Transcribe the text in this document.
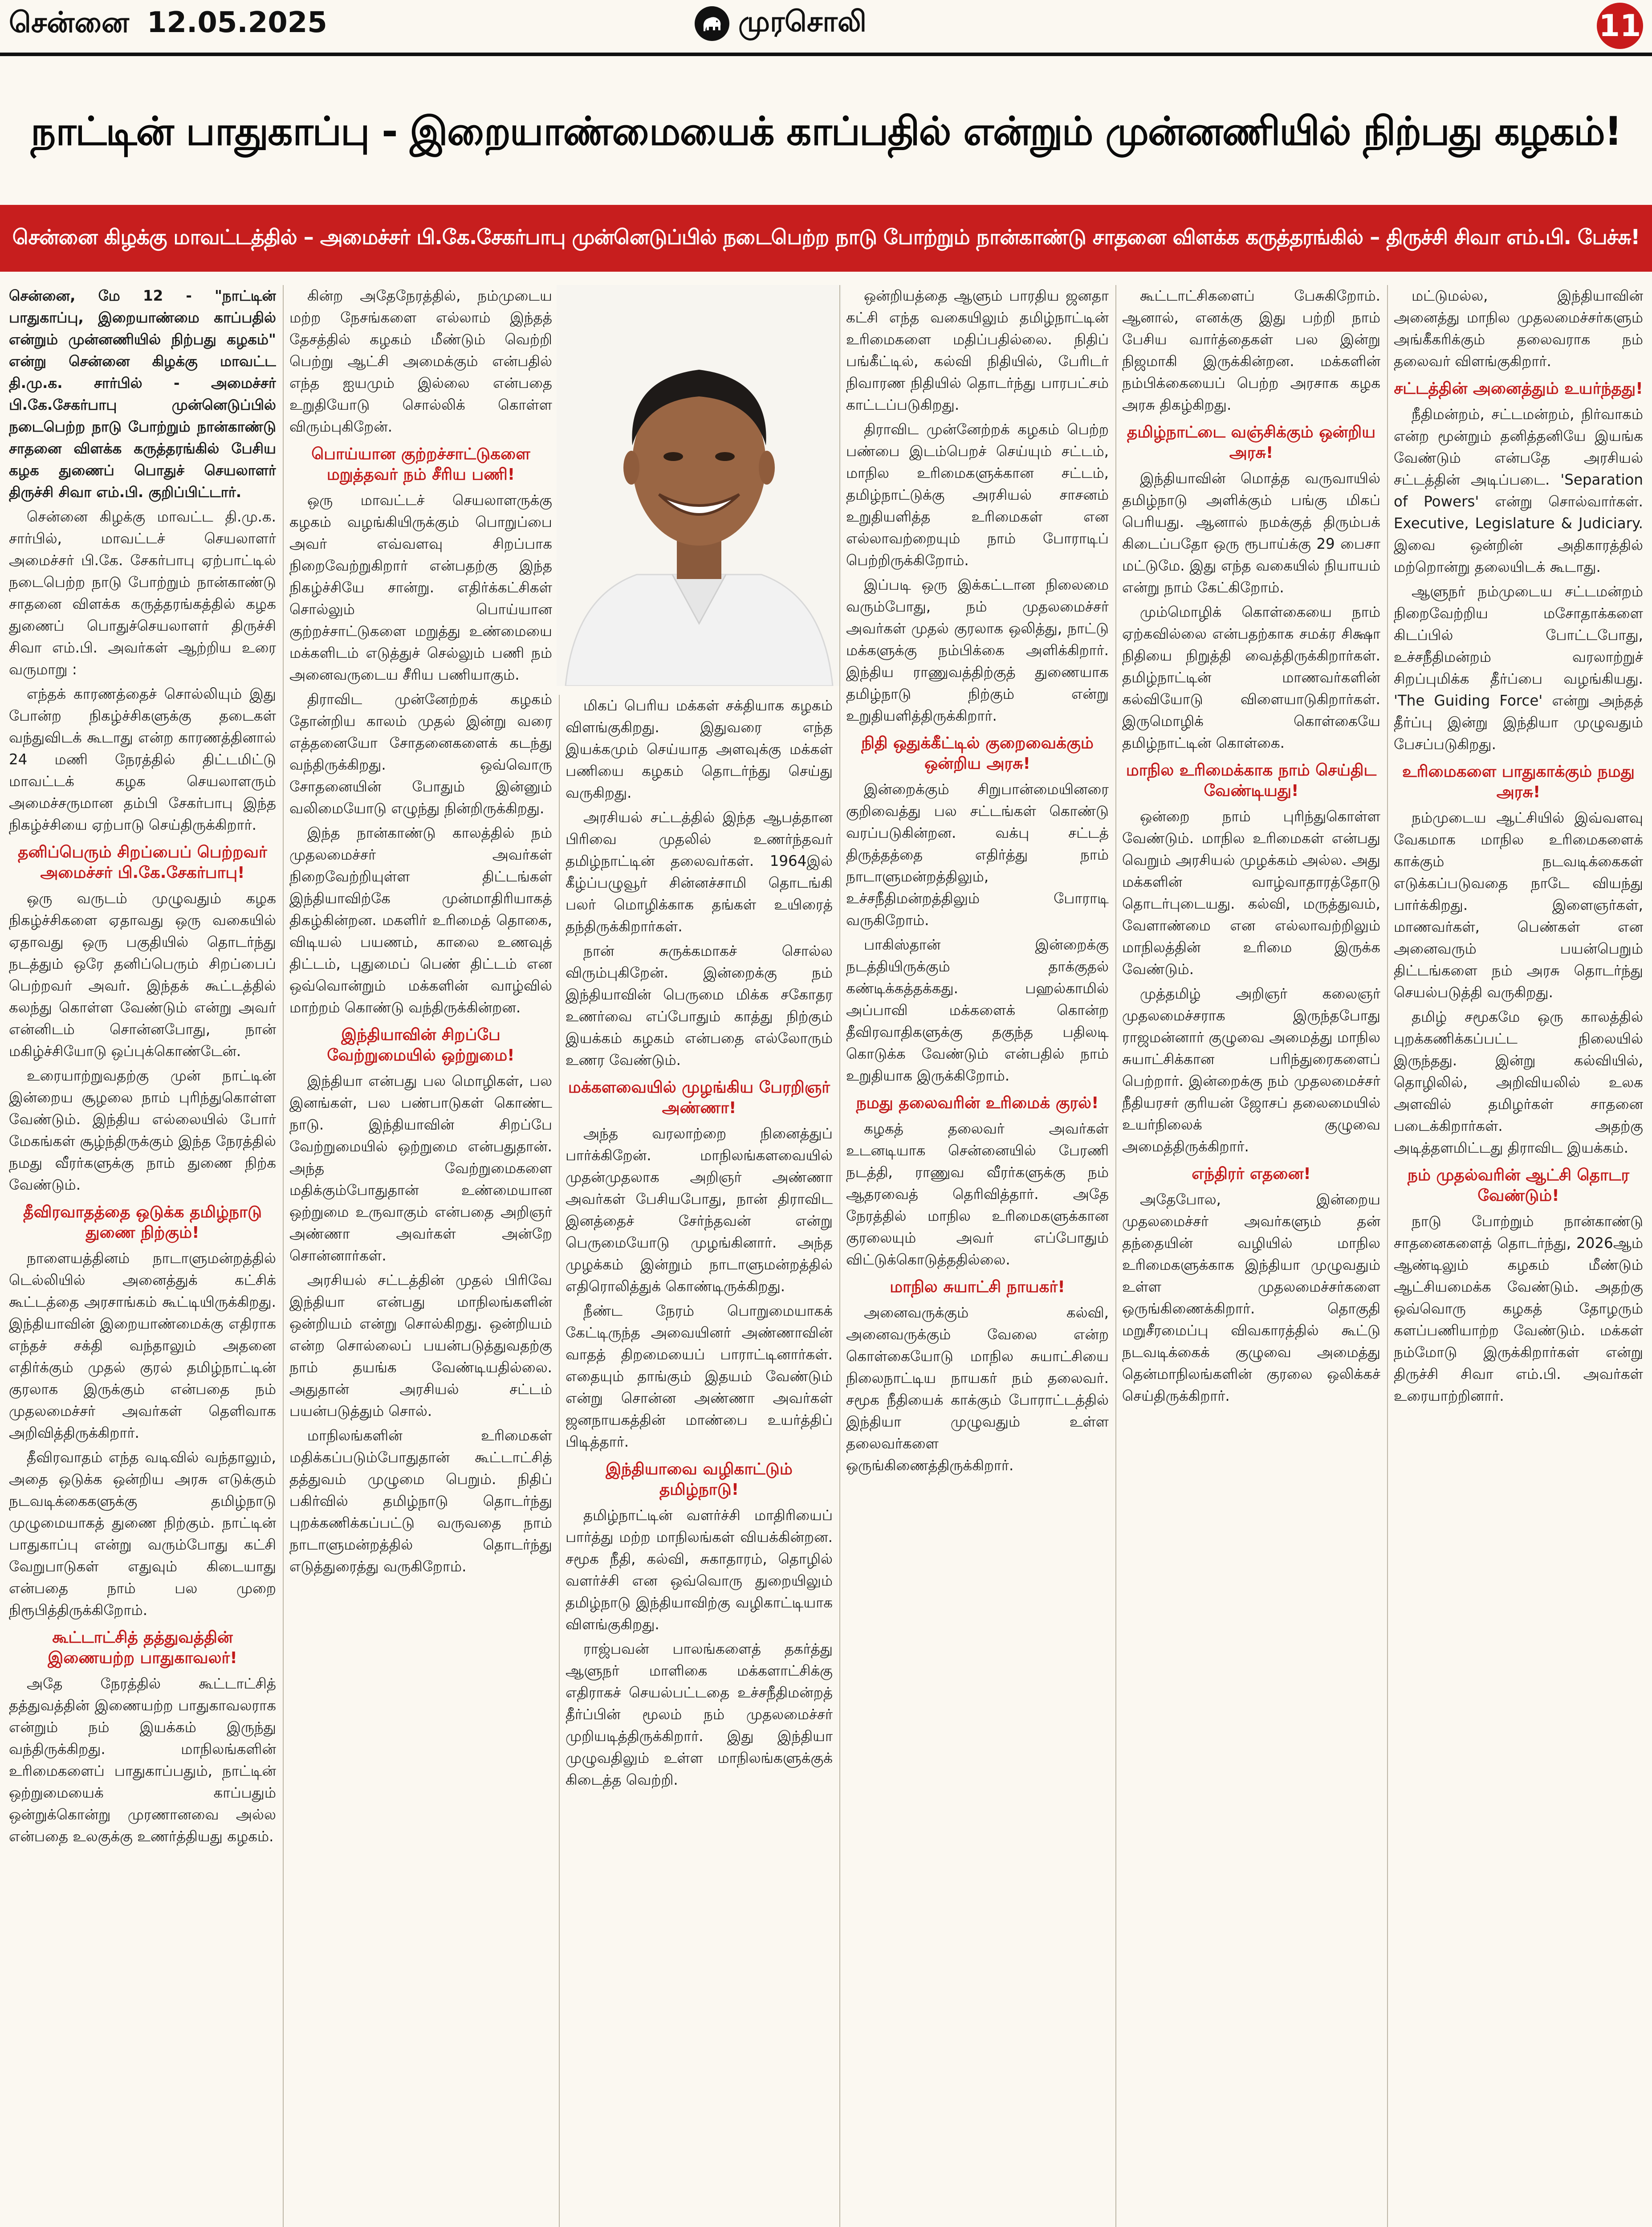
சென்னை 12.05.2025	முரசொலி	11
நாட்டின் பாதுகாப்பு - இறையாண்மையைக் காப்பதில் என்றும் முன்னணியில் நிற்பது கழகம்!
சென்னை கிழக்கு மாவட்டத்தில் – அமைச்சர் பி.கே.சேகர்பாபு முன்னெடுப்பில் நடைபெற்ற நாடு போற்றும் நான்காண்டு சாதனை விளக்க கருத்தரங்கில் – திருச்சி சிவா எம்.பி. பேச்சு!

சென்னை, மே 12 - "நாட்டின் பாதுகாப்பு, இறையாண்மை காப்பதில் என்றும் முன்னணியில் நிற்பது கழகம்" என்று சென்னை கிழக்கு மாவட்ட தி.மு.க. சார்பில் - அமைச்சர் பி.கே.சேகர்பாபு முன்னெடுப்பில் நடைபெற்ற நாடு போற்றும் நான்காண்டு சாதனை விளக்க கருத்தரங்கில் பேசிய கழக துணைப் பொதுச் செயலாளர் திருச்சி சிவா எம்.பி. குறிப்பிட்டார்.

சென்னை கிழக்கு மாவட்ட தி.மு.க. சார்பில், மாவட்டச் செயலாளர் அமைச்சர் பி.கே. சேகர்பாபு ஏற்பாட்டில் நடைபெற்ற நாடு போற்றும் நான்காண்டு சாதனை விளக்க கருத்தரங்கத்தில் கழக துணைப் பொதுச்செயலாளர் திருச்சி சிவா எம்.பி. அவர்கள் ஆற்றிய உரை வருமாறு :

எந்தக் காரணத்தைச் சொல்லியும் இது போன்ற நிகழ்ச்சிகளுக்கு தடைகள் வந்துவிடக் கூடாது என்ற காரணத்தினால் 24 மணி நேரத்தில் திட்டமிட்டு மாவட்டக் கழக செயலாளரும் அமைச்சருமான தம்பி சேகர்பாபு இந்த நிகழ்ச்சியை ஏற்பாடு செய்திருக்கிறார்.

தனிப்பெரும் சிறப்பைப் பெற்றவர் அமைச்சர் பி.கே.சேகர்பாபு!

ஒரு வருடம் முழுவதும் கழக நிகழ்ச்சிகளை ஏதாவது ஒரு வகையில் ஏதாவது ஒரு பகுதியில் தொடர்ந்து நடத்தும் ஒரே தனிப்பெரும் சிறப்பைப் பெற்றவர் அவர். இந்தக் கூட்டத்தில் கலந்து கொள்ள வேண்டும் என்று அவர் என்னிடம் சொன்னபோது, நான் மகிழ்ச்சியோடு ஒப்புக்கொண்டேன்.

உரையாற்றுவதற்கு முன் நாட்டின் இன்றைய சூழலை நாம் புரிந்துகொள்ள வேண்டும். இந்திய எல்லையில் போர் மேகங்கள் சூழ்ந்திருக்கும் இந்த நேரத்தில் நமது வீரர்களுக்கு நாம் துணை நிற்க வேண்டும்.

தீவிரவாதத்தை ஒடுக்க தமிழ்நாடு துணை நிற்கும்!

நாளையத்தினம் நாடாளுமன்றத்தில் டெல்லியில் அனைத்துக் கட்சிக் கூட்டத்தை அரசாங்கம் கூட்டியிருக்கிறது. இந்தியாவின் இறையாண்மைக்கு எதிராக எந்தச் சக்தி வந்தாலும் அதனை எதிர்க்கும் முதல் குரல் தமிழ்நாட்டின் குரலாக இருக்கும் என்பதை நம் முதலமைச்சர் அவர்கள் தெளிவாக அறிவித்திருக்கிறார்.

தீவிரவாதம் எந்த வடிவில் வந்தாலும், அதை ஒடுக்க ஒன்றிய அரசு எடுக்கும் நடவடிக்கைகளுக்கு தமிழ்நாடு முழுமையாகத் துணை நிற்கும். நாட்டின் பாதுகாப்பு என்று வரும்போது கட்சி வேறுபாடுகள் எதுவும் கிடையாது என்பதை நாம் பல முறை நிரூபித்திருக்கிறோம்.

கூட்டாட்சித் தத்துவத்தின் இணையற்ற பாதுகாவலர்!

அதே நேரத்தில் கூட்டாட்சித் தத்துவத்தின் இணையற்ற பாதுகாவலராக என்றும் நம் இயக்கம் இருந்து வந்திருக்கிறது. மாநிலங்களின் உரிமைகளைப் பாதுகாப்பதும், நாட்டின் ஒற்றுமையைக் காப்பதும் ஒன்றுக்கொன்று முரணானவை அல்ல என்பதை உலகுக்கு உணர்த்தியது கழகம்.

கின்ற அதேநேரத்தில், நம்முடைய மற்ற நேசங்களை எல்லாம் இந்தத் தேசத்தில் கழகம் மீண்டும் வெற்றி பெற்று ஆட்சி அமைக்கும் என்பதில் எந்த ஐயமும் இல்லை என்பதை உறுதியோடு சொல்லிக் கொள்ள விரும்புகிறேன்.

பொய்யான குற்றச்சாட்டுகளை மறுத்தவர் நம் சீரிய பணி!

ஒரு மாவட்டச் செயலாளருக்கு கழகம் வழங்கியிருக்கும் பொறுப்பை அவர் எவ்வளவு சிறப்பாக நிறைவேற்றுகிறார் என்பதற்கு இந்த நிகழ்ச்சியே சான்று. எதிர்க்கட்சிகள் சொல்லும் பொய்யான குற்றச்சாட்டுகளை மறுத்து உண்மையை மக்களிடம் எடுத்துச் செல்லும் பணி நம் அனைவருடைய சீரிய பணியாகும்.

திராவிட முன்னேற்றக் கழகம் தோன்றிய காலம் முதல் இன்று வரை எத்தனையோ சோதனைகளைக் கடந்து வந்திருக்கிறது. ஒவ்வொரு சோதனையின் போதும் இன்னும் வலிமையோடு எழுந்து நின்றிருக்கிறது.

இந்த நான்காண்டு காலத்தில் நம் முதலமைச்சர் அவர்கள் நிறைவேற்றியுள்ள திட்டங்கள் இந்தியாவிற்கே முன்மாதிரியாகத் திகழ்கின்றன. மகளிர் உரிமைத் தொகை, விடியல் பயணம், காலை உணவுத் திட்டம், புதுமைப் பெண் திட்டம் என ஒவ்வொன்றும் மக்களின் வாழ்வில் மாற்றம் கொண்டு வந்திருக்கின்றன.

இந்தியாவின் சிறப்பே வேற்றுமையில் ஒற்றுமை!

இந்தியா என்பது பல மொழிகள், பல இனங்கள், பல பண்பாடுகள் கொண்ட நாடு. இந்தியாவின் சிறப்பே வேற்றுமையில் ஒற்றுமை என்பதுதான். அந்த வேற்றுமைகளை மதிக்கும்போதுதான் உண்மையான ஒற்றுமை உருவாகும் என்பதை அறிஞர் அண்ணா அவர்கள் அன்றே சொன்னார்கள்.

அரசியல் சட்டத்தின் முதல் பிரிவே இந்தியா என்பது மாநிலங்களின் ஒன்றியம் என்று சொல்கிறது. ஒன்றியம் என்ற சொல்லைப் பயன்படுத்துவதற்கு நாம் தயங்க வேண்டியதில்லை. அதுதான் அரசியல் சட்டம் பயன்படுத்தும் சொல்.

மாநிலங்களின் உரிமைகள் மதிக்கப்படும்போதுதான் கூட்டாட்சித் தத்துவம் முழுமை பெறும். நிதிப் பகிர்வில் தமிழ்நாடு தொடர்ந்து புறக்கணிக்கப்பட்டு வருவதை நாம் நாடாளுமன்றத்தில் தொடர்ந்து எடுத்துரைத்து வருகிறோம்.

மிகப் பெரிய மக்கள் சக்தியாக கழகம் விளங்குகிறது. இதுவரை எந்த இயக்கமும் செய்யாத அளவுக்கு மக்கள் பணியை கழகம் தொடர்ந்து செய்து வருகிறது.

அரசியல் சட்டத்தில் இந்த ஆபத்தான பிரிவை முதலில் உணர்ந்தவர் தமிழ்நாட்டின் தலைவர்கள். 1964இல் கீழ்ப்பழுவூர் சின்னச்சாமி தொடங்கி பலர் மொழிக்காக தங்கள் உயிரைத் தந்திருக்கிறார்கள்.

நான் சுருக்கமாகச் சொல்ல விரும்புகிறேன். இன்றைக்கு நம் இந்தியாவின் பெருமை மிக்க சகோதர உணர்வை எப்போதும் காத்து நிற்கும் இயக்கம் கழகம் என்பதை எல்லோரும் உணர வேண்டும்.

மக்களவையில் முழங்கிய பேரறிஞர் அண்ணா!

அந்த வரலாற்றை நினைத்துப் பார்க்கிறேன். மாநிலங்களவையில் முதன்முதலாக அறிஞர் அண்ணா அவர்கள் பேசியபோது, நான் திராவிட இனத்தைச் சேர்ந்தவன் என்று பெருமையோடு முழங்கினார். அந்த முழக்கம் இன்றும் நாடாளுமன்றத்தில் எதிரொலித்துக் கொண்டிருக்கிறது.

நீண்ட நேரம் பொறுமையாகக் கேட்டிருந்த அவையினர் அண்ணாவின் வாதத் திறமையைப் பாராட்டினார்கள். எதையும் தாங்கும் இதயம் வேண்டும் என்று சொன்ன அண்ணா அவர்கள் ஜனநாயகத்தின் மாண்பை உயர்த்திப் பிடித்தார்.

இந்தியாவை வழிகாட்டும் தமிழ்நாடு!

தமிழ்நாட்டின் வளர்ச்சி மாதிரியைப் பார்த்து மற்ற மாநிலங்கள் வியக்கின்றன. சமூக நீதி, கல்வி, சுகாதாரம், தொழில் வளர்ச்சி என ஒவ்வொரு துறையிலும் தமிழ்நாடு இந்தியாவிற்கு வழிகாட்டியாக விளங்குகிறது.

ராஜ்பவன் பாலங்களைத் தகர்த்து ஆளுநர் மாளிகை மக்களாட்சிக்கு எதிராகச் செயல்பட்டதை உச்சநீதிமன்றத் தீர்ப்பின் மூலம் நம் முதலமைச்சர் முறியடித்திருக்கிறார். இது இந்தியா முழுவதிலும் உள்ள மாநிலங்களுக்குக் கிடைத்த வெற்றி.

ஒன்றியத்தை ஆளும் பாரதிய ஜனதா கட்சி எந்த வகையிலும் தமிழ்நாட்டின் உரிமைகளை மதிப்பதில்லை. நிதிப் பங்கீட்டில், கல்வி நிதியில், பேரிடர் நிவாரண நிதியில் தொடர்ந்து பாரபட்சம் காட்டப்படுகிறது.

திராவிட முன்னேற்றக் கழகம் பெற்ற பண்பை இடம்பெறச் செய்யும் சட்டம், மாநில உரிமைகளுக்கான சட்டம், தமிழ்நாட்டுக்கு அரசியல் சாசனம் உறுதியளித்த உரிமைகள் என எல்லாவற்றையும் நாம் போராடிப் பெற்றிருக்கிறோம்.

இப்படி ஒரு இக்கட்டான நிலைமை வரும்போது, நம் முதலமைச்சர் அவர்கள் முதல் குரலாக ஒலித்து, நாட்டு மக்களுக்கு நம்பிக்கை அளிக்கிறார். இந்திய ராணுவத்திற்குத் துணையாக தமிழ்நாடு நிற்கும் என்று உறுதியளித்திருக்கிறார்.

நிதி ஒதுக்கீட்டில் குறைவைக்கும் ஒன்றிய அரசு!

இன்றைக்கும் சிறுபான்மையினரை குறிவைத்து பல சட்டங்கள் கொண்டு வரப்படுகின்றன. வக்பு சட்டத் திருத்தத்தை எதிர்த்து நாம் நாடாளுமன்றத்திலும், உச்சநீதிமன்றத்திலும் போராடி வருகிறோம்.

பாகிஸ்தான் இன்றைக்கு நடத்தியிருக்கும் தாக்குதல் கண்டிக்கத்தக்கது. பஹல்காமில் அப்பாவி மக்களைக் கொன்ற தீவிரவாதிகளுக்கு தகுந்த பதிலடி கொடுக்க வேண்டும் என்பதில் நாம் உறுதியாக இருக்கிறோம்.

நமது தலைவரின் உரிமைக் குரல்!

கழகத் தலைவர் அவர்கள் உடனடியாக சென்னையில் பேரணி நடத்தி, ராணுவ வீரர்களுக்கு நம் ஆதரவைத் தெரிவித்தார். அதே நேரத்தில் மாநில உரிமைகளுக்கான குரலையும் அவர் எப்போதும் விட்டுக்கொடுத்ததில்லை.

மாநில சுயாட்சி நாயகர்!

அனைவருக்கும் கல்வி, அனைவருக்கும் வேலை என்ற கொள்கையோடு மாநில சுயாட்சியை நிலைநாட்டிய நாயகர் நம் தலைவர். சமூக நீதியைக் காக்கும் போராட்டத்தில் இந்தியா முழுவதும் உள்ள தலைவர்களை ஒருங்கிணைத்திருக்கிறார்.

கூட்டாட்சிகளைப் பேசுகிறோம். ஆனால், எனக்கு இது பற்றி நாம் பேசிய வார்த்தைகள் பல இன்று நிஜமாகி இருக்கின்றன. மக்களின் நம்பிக்கையைப் பெற்ற அரசாக கழக அரசு திகழ்கிறது.

தமிழ்நாட்டை வஞ்சிக்கும் ஒன்றிய அரசு!

இந்தியாவின் மொத்த வருவாயில் தமிழ்நாடு அளிக்கும் பங்கு மிகப் பெரியது. ஆனால் நமக்குத் திரும்பக் கிடைப்பதோ ஒரு ரூபாய்க்கு 29 பைசா மட்டுமே. இது எந்த வகையில் நியாயம் என்று நாம் கேட்கிறோம்.

மும்மொழிக் கொள்கையை நாம் ஏற்கவில்லை என்பதற்காக சமக்ர சிக்ஷா நிதியை நிறுத்தி வைத்திருக்கிறார்கள். தமிழ்நாட்டின் மாணவர்களின் கல்வியோடு விளையாடுகிறார்கள். இருமொழிக் கொள்கையே தமிழ்நாட்டின் கொள்கை.

மாநில உரிமைக்காக நாம் செய்திட வேண்டியது!

ஒன்றை நாம் புரிந்துகொள்ள வேண்டும். மாநில உரிமைகள் என்பது வெறும் அரசியல் முழக்கம் அல்ல. அது மக்களின் வாழ்வாதாரத்தோடு தொடர்புடையது. கல்வி, மருத்துவம், வேளாண்மை என எல்லாவற்றிலும் மாநிலத்தின் உரிமை இருக்க வேண்டும்.

முத்தமிழ் அறிஞர் கலைஞர் முதலமைச்சராக இருந்தபோது ராஜமன்னார் குழுவை அமைத்து மாநில சுயாட்சிக்கான பரிந்துரைகளைப் பெற்றார். இன்றைக்கு நம் முதலமைச்சர் நீதியரசர் குரியன் ஜோசப் தலைமையில் உயர்நிலைக் குழுவை அமைத்திருக்கிறார்.

எந்திரர் எதனை!

அதேபோல, இன்றைய முதலமைச்சர் அவர்களும் தன் தந்தையின் வழியில் மாநில உரிமைகளுக்காக இந்தியா முழுவதும் உள்ள முதலமைச்சர்களை ஒருங்கிணைக்கிறார். தொகுதி மறுசீரமைப்பு விவகாரத்தில் கூட்டு நடவடிக்கைக் குழுவை அமைத்து தென்மாநிலங்களின் குரலை ஒலிக்கச் செய்திருக்கிறார்.

மட்டுமல்ல, இந்தியாவின் அனைத்து மாநில முதலமைச்சர்களும் அங்கீகரிக்கும் தலைவராக நம் தலைவர் விளங்குகிறார்.

சட்டத்தின் அனைத்தும் உயர்ந்தது!

நீதிமன்றம், சட்டமன்றம், நிர்வாகம் என்ற மூன்றும் தனித்தனியே இயங்க வேண்டும் என்பதே அரசியல் சட்டத்தின் அடிப்படை. 'Separation of Powers' என்று சொல்வார்கள். Executive, Legislature & Judiciary. இவை ஒன்றின் அதிகாரத்தில் மற்றொன்று தலையிடக் கூடாது.

ஆளுநர் நம்முடைய சட்டமன்றம் நிறைவேற்றிய மசோதாக்களை கிடப்பில் போட்டபோது, உச்சநீதிமன்றம் வரலாற்றுச் சிறப்புமிக்க தீர்ப்பை வழங்கியது. 'The Guiding Force' என்று அந்தத் தீர்ப்பு இன்று இந்தியா முழுவதும் பேசப்படுகிறது.

உரிமைகளை பாதுகாக்கும் நமது அரசு!

நம்முடைய ஆட்சியில் இவ்வளவு வேகமாக மாநில உரிமைகளைக் காக்கும் நடவடிக்கைகள் எடுக்கப்படுவதை நாடே வியந்து பார்க்கிறது. இளைஞர்கள், மாணவர்கள், பெண்கள் என அனைவரும் பயன்பெறும் திட்டங்களை நம் அரசு தொடர்ந்து செயல்படுத்தி வருகிறது.

தமிழ் சமூகமே ஒரு காலத்தில் புறக்கணிக்கப்பட்ட நிலையில் இருந்தது. இன்று கல்வியில், தொழிலில், அறிவியலில் உலக அளவில் தமிழர்கள் சாதனை படைக்கிறார்கள். அதற்கு அடித்தளமிட்டது திராவிட இயக்கம்.

நம் முதல்வரின் ஆட்சி தொடர வேண்டும்!

நாடு போற்றும் நான்காண்டு சாதனைகளைத் தொடர்ந்து, 2026ஆம் ஆண்டிலும் கழகம் மீண்டும் ஆட்சியமைக்க வேண்டும். அதற்கு ஒவ்வொரு கழகத் தோழரும் களப்பணியாற்ற வேண்டும். மக்கள் நம்மோடு இருக்கிறார்கள் என்று திருச்சி சிவா எம்.பி. அவர்கள் உரையாற்றினார்.
